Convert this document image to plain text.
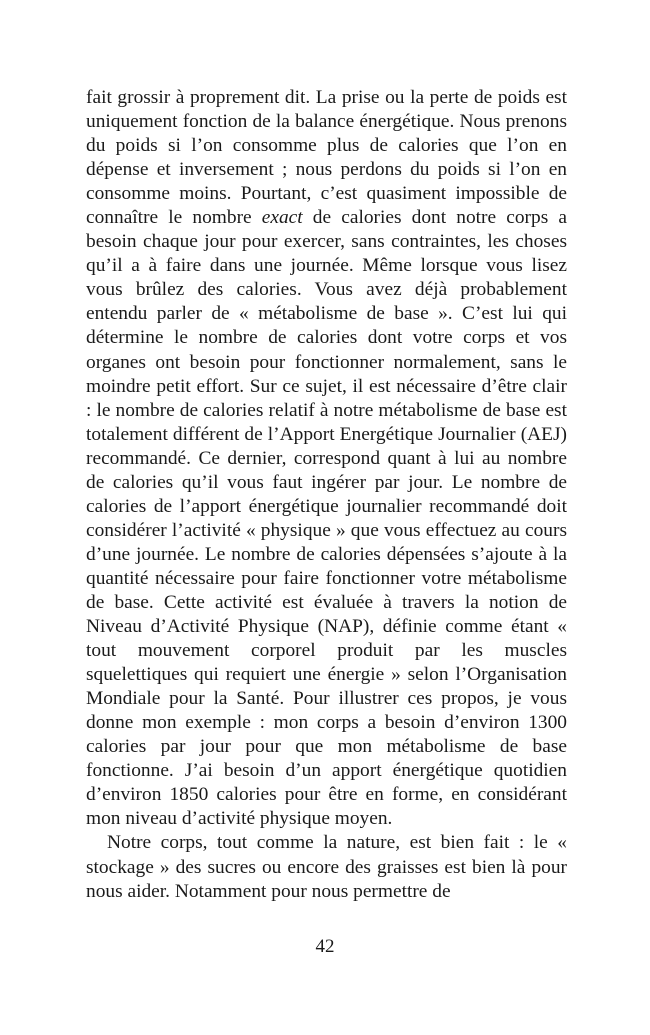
fait grossir à proprement dit. La prise ou la perte de poids est uniquement fonction de la balance énergétique. Nous prenons du poids si l’on consomme plus de calories que l’on en dépense et inversement ; nous perdons du poids si l’on en consomme moins. Pourtant, c’est quasiment impossible de connaître le nombre exact de calories dont notre corps a besoin chaque jour pour exercer, sans contraintes, les choses qu’il a à faire dans une journée. Même lorsque vous lisez vous brûlez des calories. Vous avez déjà probablement entendu parler de « métabolisme de base ». C’est lui qui détermine le nombre de calories dont votre corps et vos organes ont besoin pour fonctionner normalement, sans le moindre petit effort. Sur ce sujet, il est nécessaire d’être clair : le nombre de calories relatif à notre métabolisme de base est totalement différent de l’Apport Energétique Journalier (AEJ) recommandé. Ce dernier, correspond quant à lui au nombre de calories qu’il vous faut ingérer par jour. Le nombre de calories de l’apport énergétique journalier recommandé doit considérer l’activité « physique » que vous effectuez au cours d’une journée. Le nombre de calories dépensées s’ajoute à la quantité nécessaire pour faire fonctionner votre métabolisme de base. Cette activité est évaluée à travers la notion de Niveau d’Activité Physique (NAP), définie comme étant « tout mouvement corporel produit par les muscles squelettiques qui requiert une énergie » selon l’Organisation Mondiale pour la Santé. Pour illustrer ces propos, je vous donne mon exemple : mon corps a besoin d’environ 1300 calories par jour pour que mon métabolisme de base fonctionne. J’ai besoin d’un apport énergétique quotidien d’environ 1850 calories pour être en forme, en considérant mon niveau d’activité physique moyen.

Notre corps, tout comme la nature, est bien fait : le « stockage » des sucres ou encore des graisses est bien là pour nous aider. Notamment pour nous permettre de

42
